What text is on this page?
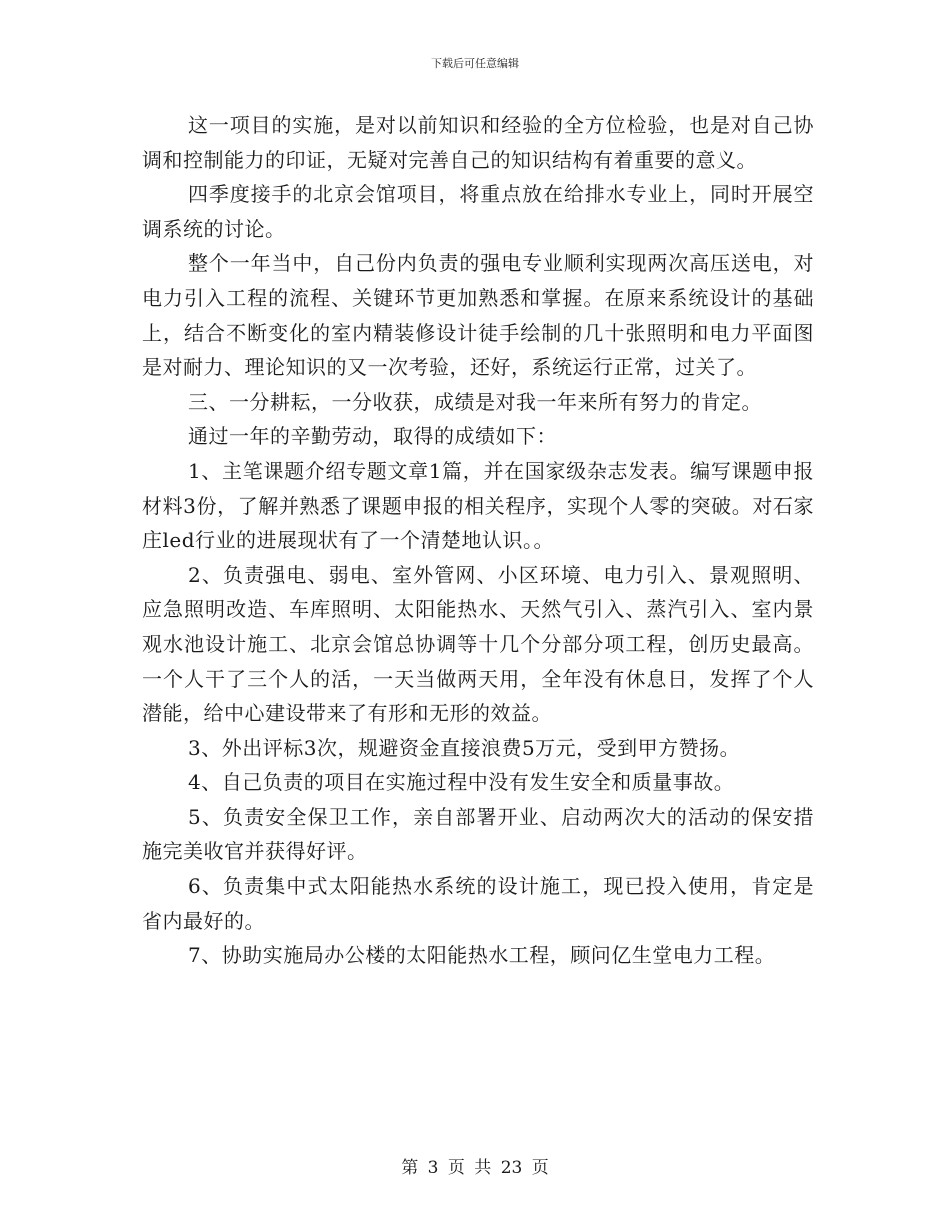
下载后可任意编辑

这一项目的实施，是对以前知识和经验的全方位检验，也是对自己协调和控制能力的印证，无疑对完善自己的知识结构有着重要的意义。

四季度接手的北京会馆项目，将重点放在给排水专业上，同时开展空调系统的讨论。

整个一年当中，自己份内负责的强电专业顺利实现两次高压送电，对电力引入工程的流程、关键环节更加熟悉和掌握。在原来系统设计的基础上，结合不断变化的室内精装修设计徒手绘制的几十张照明和电力平面图是对耐力、理论知识的又一次考验，还好，系统运行正常，过关了。

三、一分耕耘，一分收获，成绩是对我一年来所有努力的肯定。

通过一年的辛勤劳动，取得的成绩如下：

1、主笔课题介绍专题文章1篇，并在国家级杂志发表。编写课题申报材料3份，了解并熟悉了课题申报的相关程序，实现个人零的突破。对石家庄led行业的进展现状有了一个清楚地认识。。

2、负责强电、弱电、室外管网、小区环境、电力引入、景观照明、应急照明改造、车库照明、太阳能热水、天然气引入、蒸汽引入、室内景观水池设计施工、北京会馆总协调等十几个分部分项工程，创历史最高。一个人干了三个人的活，一天当做两天用，全年没有休息日，发挥了个人潜能，给中心建设带来了有形和无形的效益。

3、外出评标3次，规避资金直接浪费5万元，受到甲方赞扬。

4、自己负责的项目在实施过程中没有发生安全和质量事故。

5、负责安全保卫工作，亲自部署开业、启动两次大的活动的保安措施完美收官并获得好评。

6、负责集中式太阳能热水系统的设计施工，现已投入使用，肯定是省内最好的。

7、协助实施局办公楼的太阳能热水工程，顾问亿生堂电力工程。

第 3 页 共 23 页
